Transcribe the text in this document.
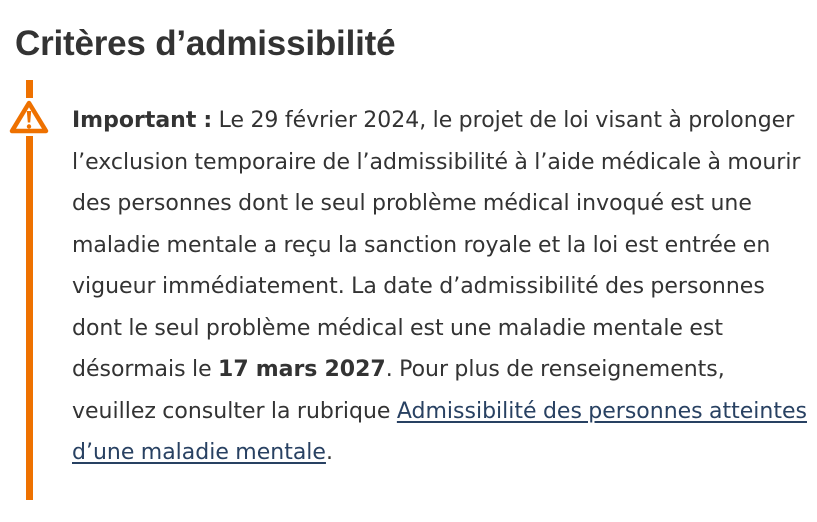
Critères d’admissibilité

Important : Le 29 février 2024, le projet de loi visant à prolonger l’exclusion temporaire de l’admissibilité à l’aide médicale à mourir des personnes dont le seul problème médical invoqué est une maladie mentale a reçu la sanction royale et la loi est entrée en vigueur immédiatement. La date d’admissibilité des personnes dont le seul problème médical est une maladie mentale est désormais le 17 mars 2027. Pour plus de renseignements, veuillez consulter la rubrique Admissibilité des personnes atteintes d’une maladie mentale.
